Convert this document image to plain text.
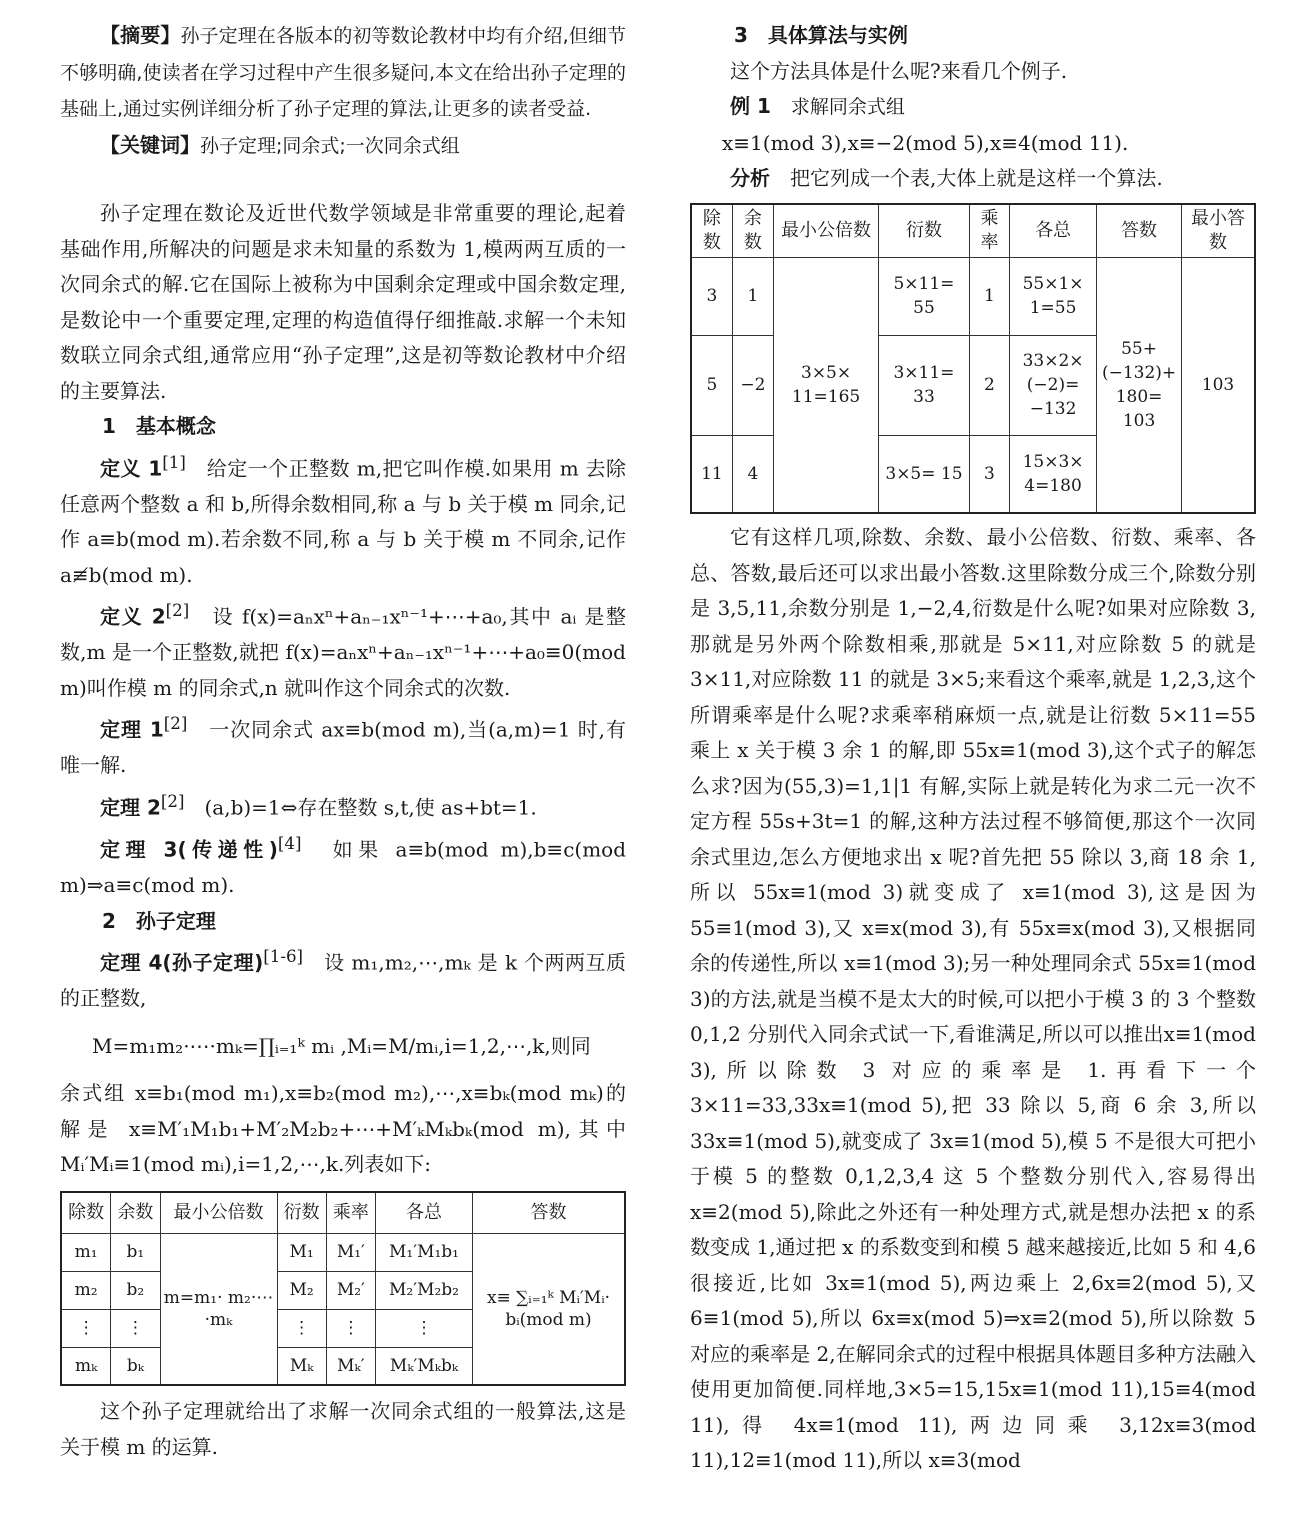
【摘要】孙子定理在各版本的初等数论教材中均有介绍,但细节不够明确,使读者在学习过程中产生很多疑问,本文在给出孙子定理的基础上,通过实例详细分析了孙子定理的算法,让更多的读者受益.

【关键词】孙子定理;同余式;一次同余式组

孙子定理在数论及近世代数学领域是非常重要的理论,起着基础作用,所解决的问题是求未知量的系数为 1,模两两互质的一次同余式的解.它在国际上被称为中国剩余定理或中国余数定理,是数论中一个重要定理,定理的构造值得仔细推敲.求解一个未知数联立同余式组,通常应用“孙子定理”,这是初等数论教材中介绍的主要算法.

1　基本概念

定义 1[1]　 给定一个正整数 m,把它叫作模.如果用 m 去除任意两个整数 a 和 b,所得余数相同,称 a 与 b 关于模 m 同余,记作 a≡b(mod m).若余数不同,称 a 与 b 关于模 m 不同余,记作 a≢b(mod m).

定义 2[2]　 设 f(x)=aₙxⁿ+aₙ₋₁xⁿ⁻¹+⋯+a₀,其中 aᵢ 是整数,m 是一个正整数,就把 f(x)=aₙxⁿ+aₙ₋₁xⁿ⁻¹+⋯+a₀≡0(mod m)叫作模 m 的同余式,n 就叫作这个同余式的次数.

定理 1[2]　 一次同余式 ax≡b(mod m),当(a,m)=1 时,有唯一解.

定理 2[2]　 (a,b)=1⇔存在整数 s,t,使 as+bt=1.

定理 3(传递性)[4]　 如果 a≡b(mod m),b≡c(mod m)⇒a≡c(mod m).

2　孙子定理

定理 4(孙子定理)[1-6]　 设 m₁,m₂,⋯,mₖ 是 k 个两两互质的正整数,

M=m₁m₂·⋯·mₖ=∏ᵢ₌₁ᵏ mᵢ ,Mᵢ=M/mᵢ,i=1,2,⋯,k,则同

余式组 x≡b₁(mod m₁),x≡b₂(mod m₂),⋯,x≡bₖ(mod mₖ)的解是 x≡M′₁M₁b₁+M′₂M₂b₂+⋯+M′ₖMₖbₖ(mod m),其中 Mᵢ′Mᵢ≡1(mod mᵢ),i=1,2,⋯,k.列表如下:

除数	余数	最小公倍数	衍数	乘率	各总	答数
m₁	b₁	m=m₁· m₂·⋯·mₖ	M₁	M₁′	M₁′M₁b₁	x≡ ∑ᵢ₌₁ᵏ Mᵢ′Mᵢ· bᵢ(mod m)
m₂	b₂		M₂	M₂′	M₂′M₂b₂	
⋮	⋮		⋮	⋮	⋮	
mₖ	bₖ		Mₖ	Mₖ′	Mₖ′Mₖbₖ	

这个孙子定理就给出了求解一次同余式组的一般算法,这是关于模 m 的运算.

3　具体算法与实例

这个方法具体是什么呢?来看几个例子.

例 1　 求解同余式组

x≡1(mod 3),x≡−2(mod 5),x≡4(mod 11).

分析　 把它列成一个表,大体上就是这样一个算法.

除数	余数	最小公倍数	衍数	乘率	各总	答数	最小答数
3	1	3×5× 11=165	5×11= 55	1	55×1× 1=55	55+ (−132)+ 180= 103	103
5	−2		3×11= 33	2	33×2× (−2)= −132		
11	4		3×5= 15	3	15×3× 4=180		

它有这样几项,除数、余数、最小公倍数、衍数、乘率、各总、答数,最后还可以求出最小答数.这里除数分成三个,除数分别是 3,5,11,余数分别是 1,−2,4,衍数是什么呢?如果对应除数 3,那就是另外两个除数相乘,那就是 5×11,对应除数 5 的就是 3×11,对应除数 11 的就是 3×5;来看这个乘率,就是 1,2,3,这个所谓乘率是什么呢?求乘率稍麻烦一点,就是让衍数 5×11=55 乘上 x 关于模 3 余 1 的解,即 55x≡1(mod 3),这个式子的解怎么求?因为(55,3)=1,1|1 有解,实际上就是转化为求二元一次不定方程 55s+3t=1 的解,这种方法过程不够简便,那这个一次同余式里边,怎么方便地求出 x 呢?首先把 55 除以 3,商 18 余 1,所以 55x≡1(mod 3)就变成了 x≡1(mod 3),这是因为 55≡1(mod 3),又 x≡x(mod 3),有 55x≡x(mod 3),又根据同余的传递性,所以 x≡1(mod 3);另一种处理同余式 55x≡1(mod 3)的方法,就是当模不是太大的时候,可以把小于模 3 的 3 个整数 0,1,2 分别代入同余式试一下,看谁满足,所以可以推出x≡1(mod 3),所以除数 3 对应的乘率是 1.再看下一个 3×11=33,33x≡1(mod 5),把 33 除以 5,商 6 余 3,所以 33x≡1(mod 5),就变成了 3x≡1(mod 5),模 5 不是很大可把小于模 5 的整数 0,1,2,3,4 这 5 个整数分别代入,容易得出 x≡2(mod 5),除此之外还有一种处理方式,就是想办法把 x 的系数变成 1,通过把 x 的系数变到和模 5 越来越接近,比如 5 和 4,6 很接近,比如 3x≡1(mod 5),两边乘上 2,6x≡2(mod 5),又 6≡1(mod 5),所以 6x≡x(mod 5)⇒x≡2(mod 5),所以除数 5 对应的乘率是 2,在解同余式的过程中根据具体题目多种方法融入使用更加简便.同样地,3×5=15,15x≡1(mod 11),15≡4(mod 11),得 4x≡1(mod 11),两边同乘 3,12x≡3(mod 11),12≡1(mod 11),所以 x≡3(mod
